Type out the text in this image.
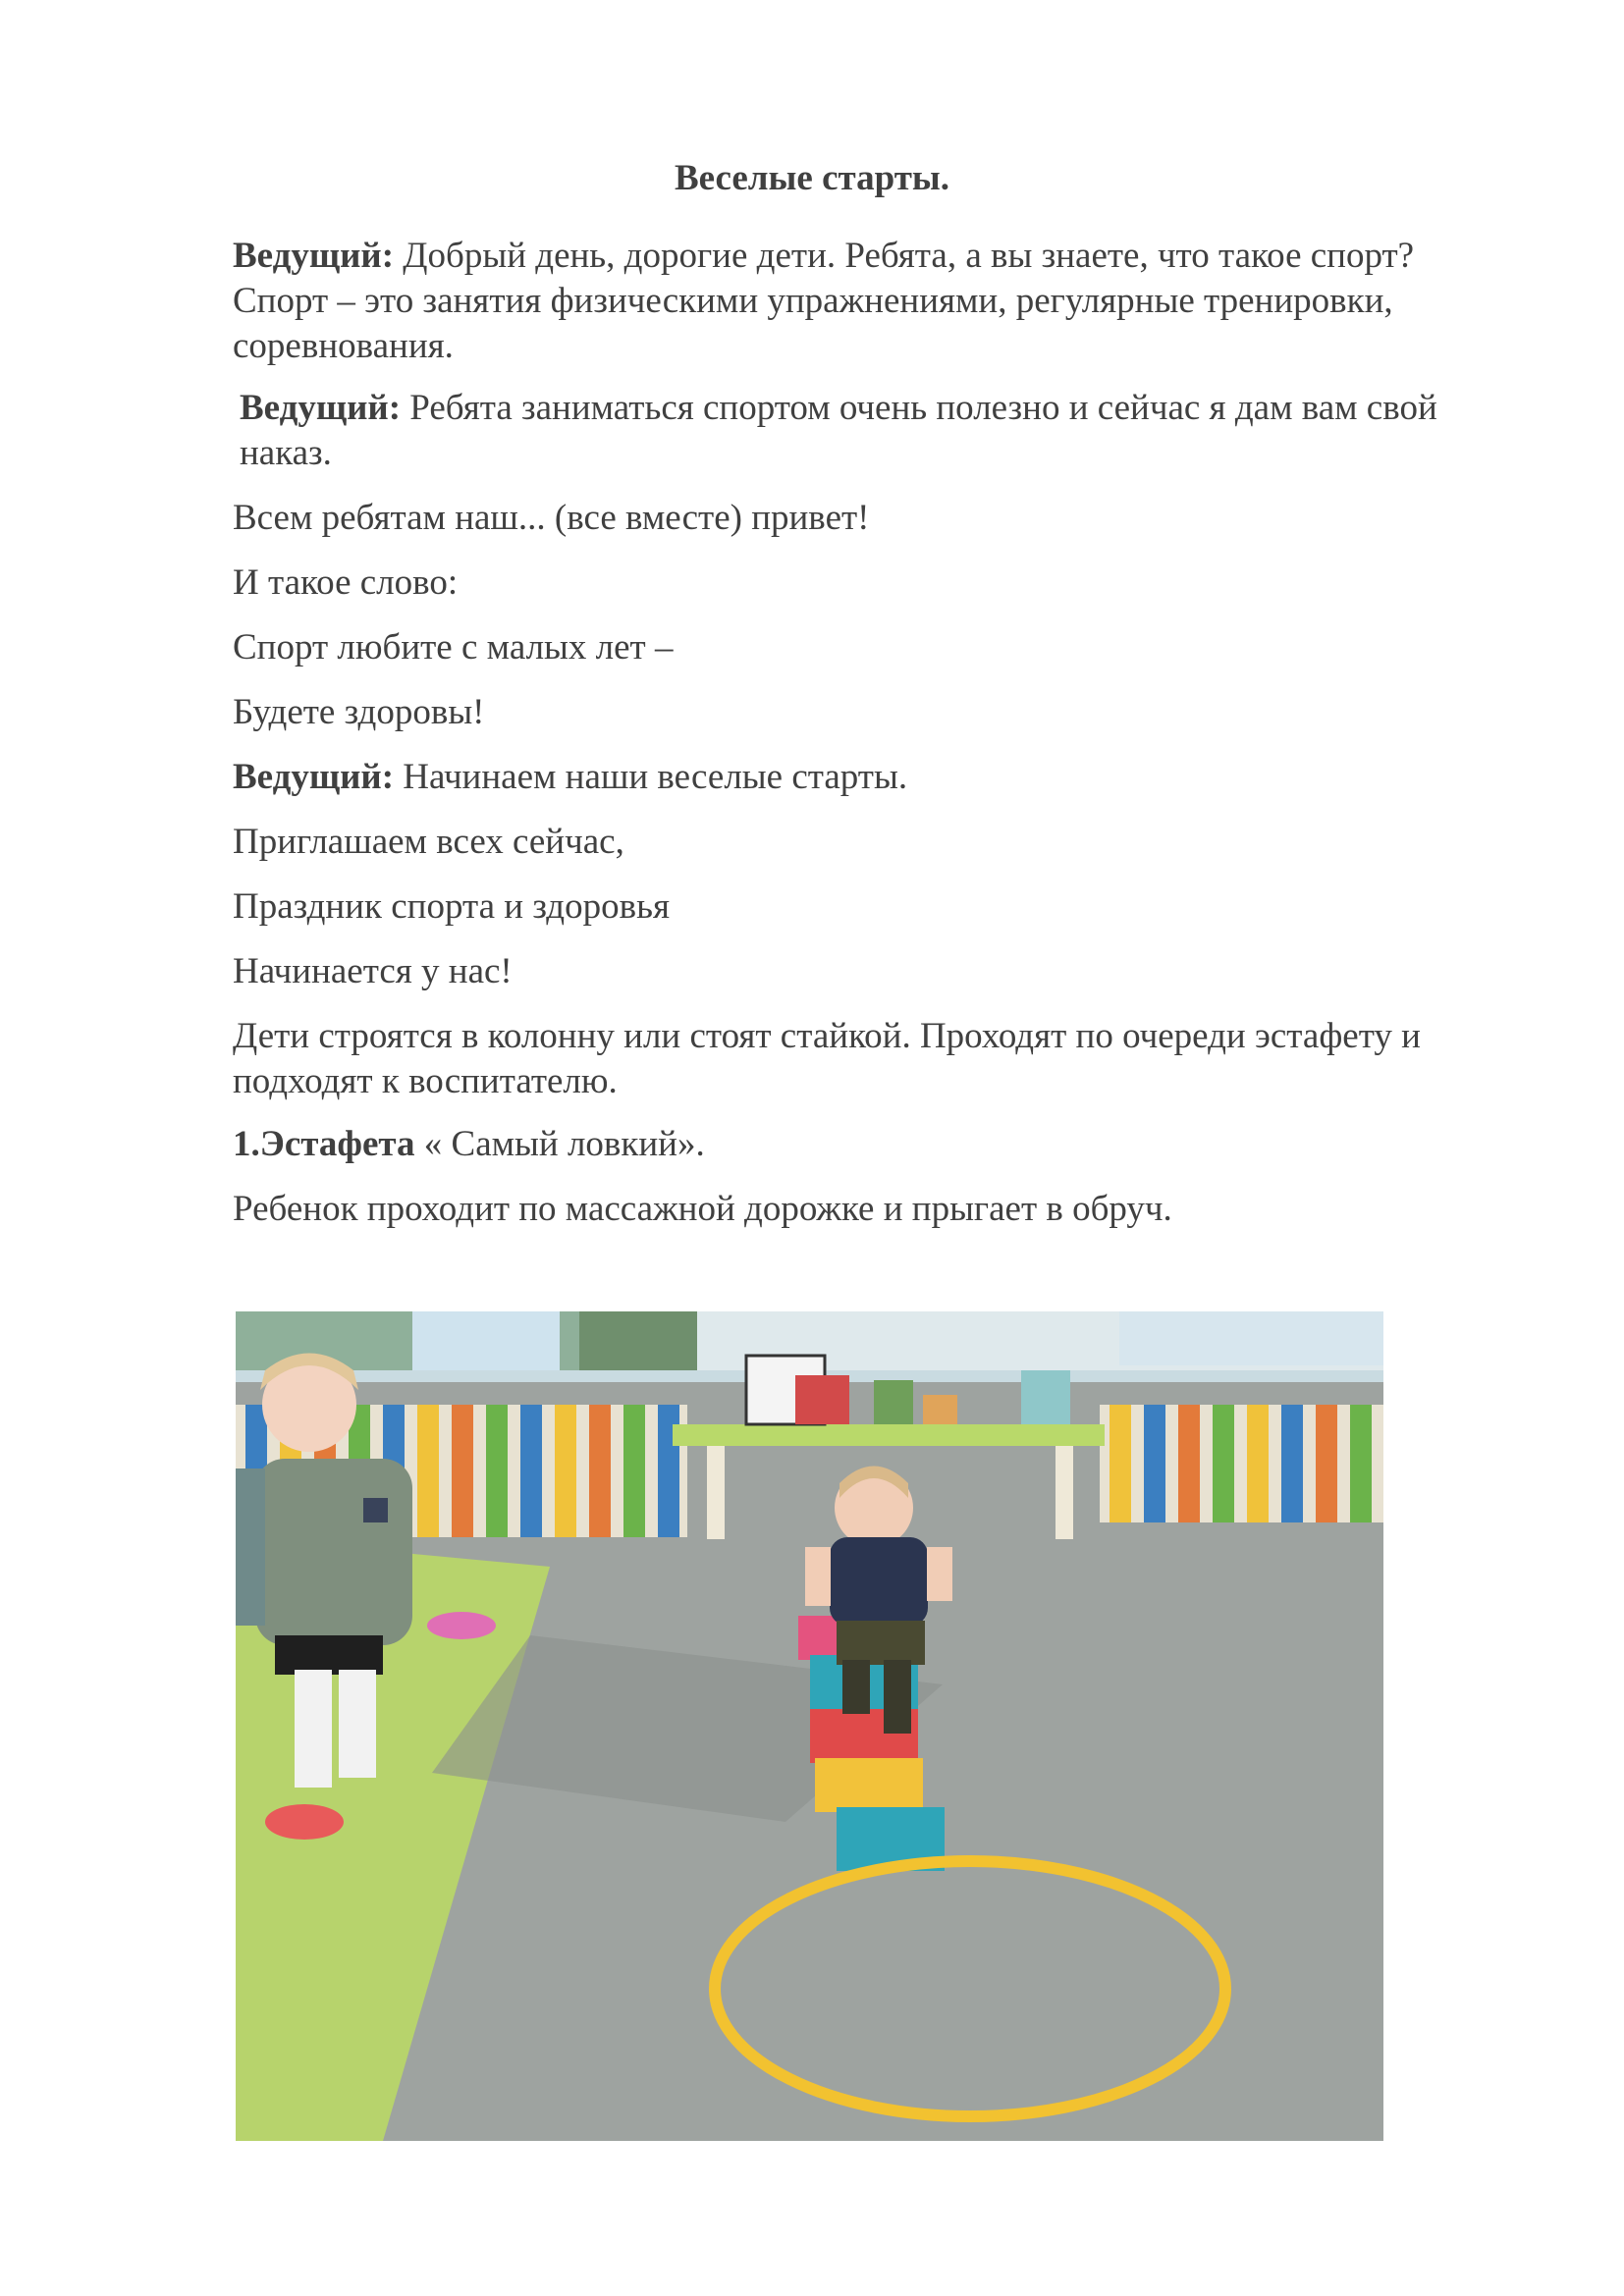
Веселые старты.

Ведущий: Добрый день, дорогие дети. Ребята, а вы знаете, что такое спорт? Спорт – это занятия физическими упражнениями, регулярные тренировки, соревнования.

Ведущий: Ребята заниматься спортом очень полезно и сейчас я дам вам свой наказ.

Всем ребятам наш... (все вместе) привет!

И такое слово:

Спорт любите с малых лет –

Будете здоровы!

Ведущий: Начинаем наши веселые старты.

Приглашаем всех сейчас,

Праздник спорта и здоровья

Начинается у нас!

Дети строятся в колонну или стоят стайкой. Проходят по очереди эстафету и подходят к воспитателю.

1.Эстафета « Самый ловкий».

Ребенок проходит по массажной дорожке и прыгает в обруч.
